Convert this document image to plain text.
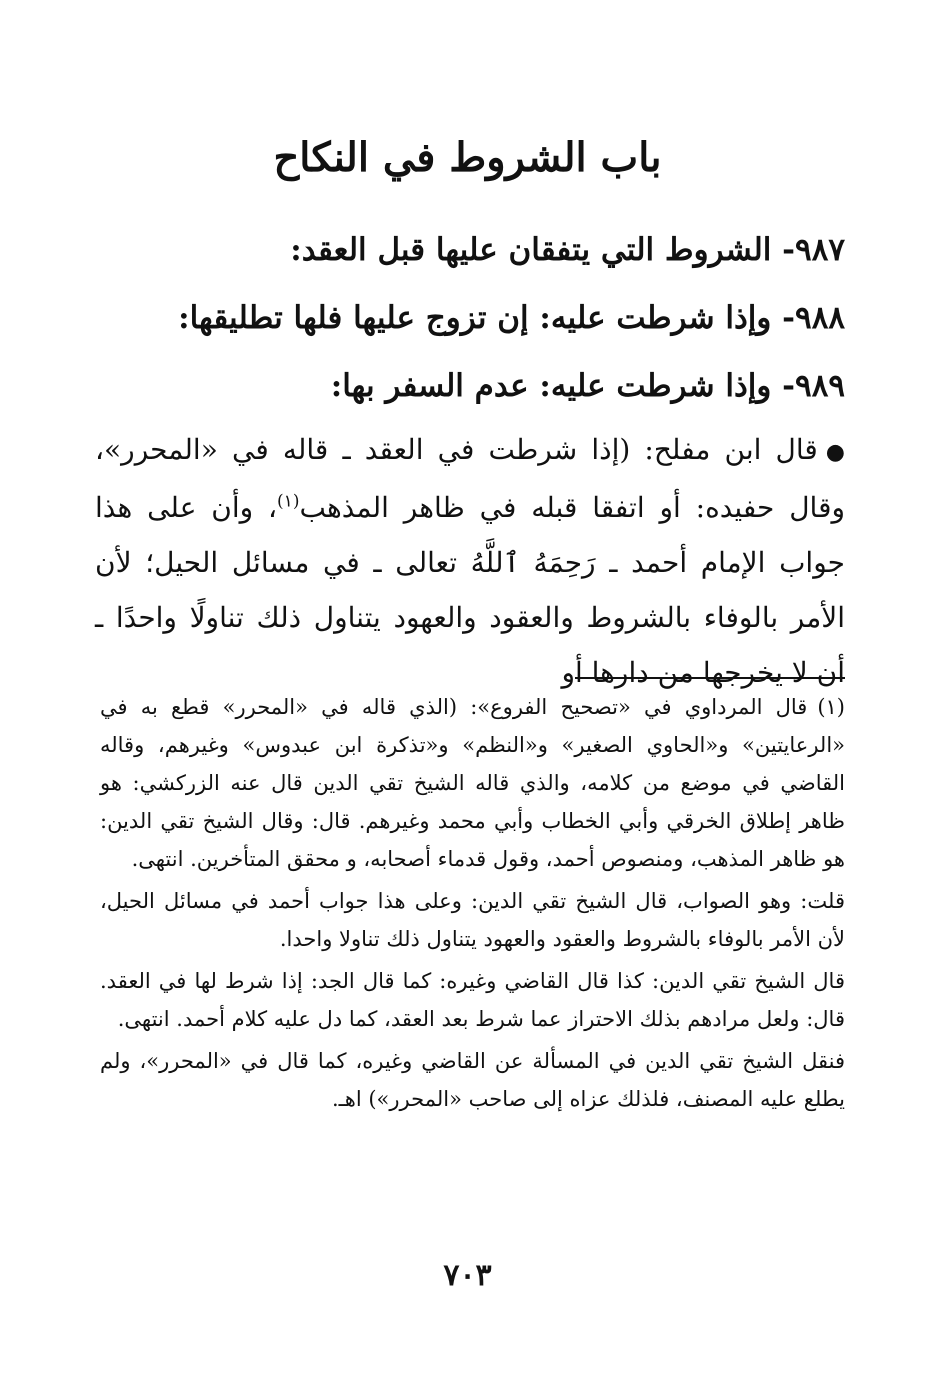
باب الشروط في النكاح

٩٨٧- الشروط التي يتفقان عليها قبل العقد:

٩٨٨- وإذا شرطت عليه: إن تزوج عليها فلها تطليقها:

٩٨٩- وإذا شرطت عليه: عدم السفر بها:

●قال ابن مفلح: (إذا شرطت في العقد ـ قاله في «المحرر»، وقال حفيده: أو اتفقا قبله في ظاهر المذهب$^{(١)}$، وأن على هذا جواب الإمام أحمد ـ رَحِمَهُ ٱللَّهُ تعالى ـ في مسائل الحيل؛ لأن الأمر بالوفاء بالشروط والعقود والعهود يتناول ذلك تناولًا واحدًا ـ أن لا يخرجها من دارها أو

(١)قال المرداوي في «تصحيح الفروع»: (الذي قاله في «المحرر» قطع به في «الرعايتين» و«الحاوي الصغير» و«النظم» و«تذكرة ابن عبدوس» وغيرهم، وقاله القاضي في موضع من كلامه، والذي قاله الشيخ تقي الدين قال عنه الزركشي: هو ظاهر إطلاق الخرقي وأبي الخطاب وأبي محمد وغيرهم. قال: وقال الشيخ تقي الدين: هو ظاهر المذهب، ومنصوص أحمد، وقول قدماء أصحابه، و محقق المتأخرين. انتهى.

قلت: وهو الصواب، قال الشيخ تقي الدين: وعلى هذا جواب أحمد في مسائل الحيل، لأن الأمر بالوفاء بالشروط والعقود والعهود يتناول ذلك تناولا واحدا.

قال الشيخ تقي الدين: كذا قال القاضي وغيره: كما قال الجد: إذا شرط لها في العقد. قال: ولعل مرادهم بذلك الاحتراز عما شرط بعد العقد، كما دل عليه كلام أحمد. انتهى.

فنقل الشيخ تقي الدين في المسألة عن القاضي وغيره، كما قال في «المحرر»، ولم يطلع عليه المصنف، فلذلك عزاه إلى صاحب «المحرر») اهـ.

٧٠٣
